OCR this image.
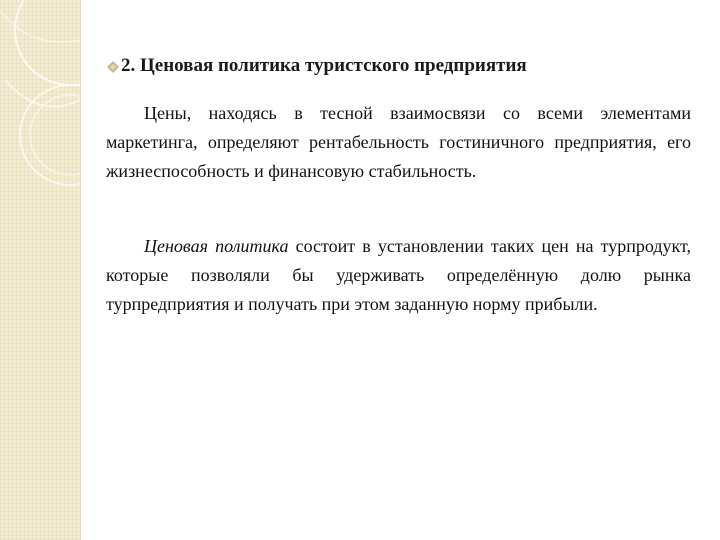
2. Ценовая политика туристского предприятия

Цены, находясь в тесной взаимосвязи со всеми элементами маркетинга, определяют рентабельность гостиничного предприятия, его жизнеспособность и финансовую стабильность.

Ценовая политика состоит в установлении таких цен на турпродукт, которые позволяли бы удерживать определённую долю рынка турпредприятия и получать при этом заданную норму прибыли.
